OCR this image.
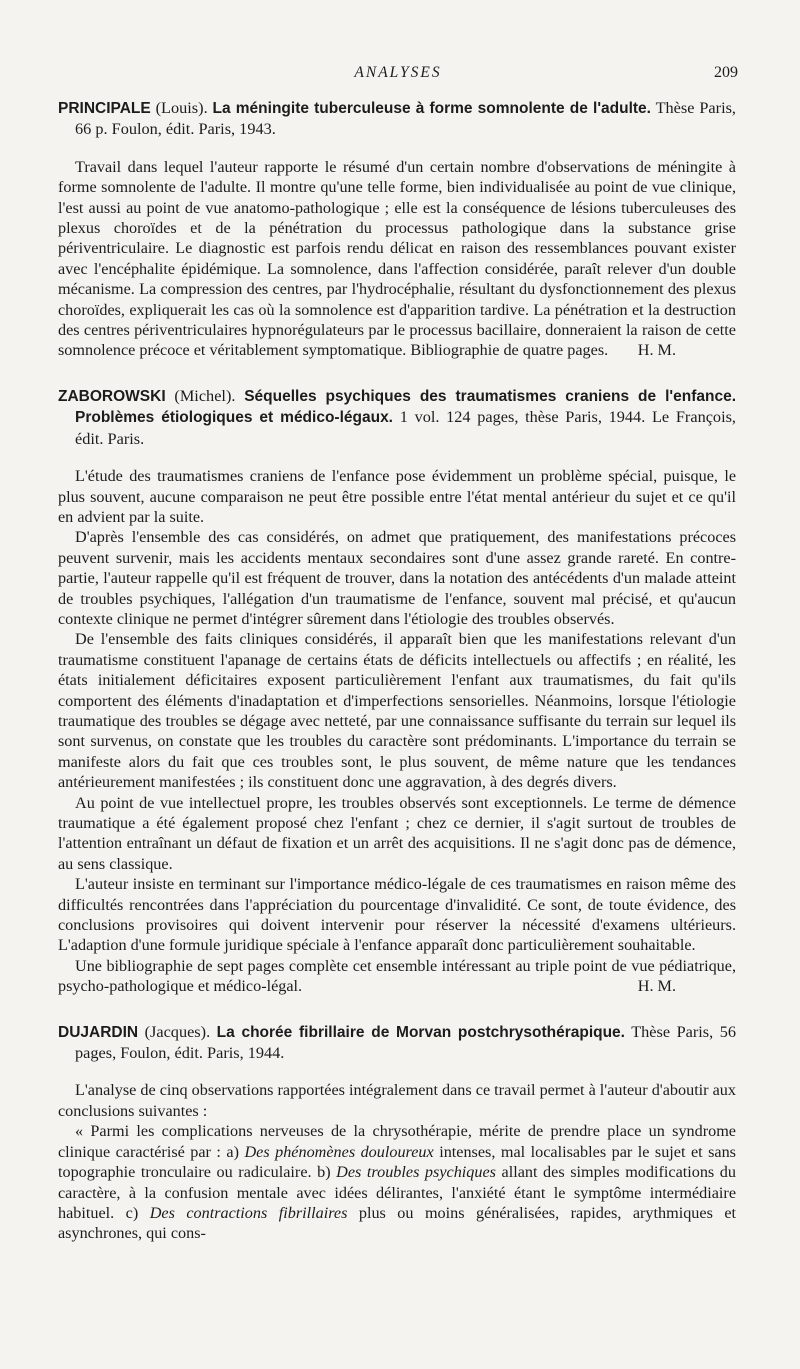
ANALYSES	209
PRINCIPALE (Louis). La méningite tuberculeuse à forme somnolente de l'adulte. Thèse Paris, 66 p. Foulon, édit. Paris, 1943.

Travail dans lequel l'auteur rapporte le résumé d'un certain nombre d'observations de méningite à forme somnolente de l'adulte. Il montre qu'une telle forme, bien individualisée au point de vue clinique, l'est aussi au point de vue anatomo-pathologique ; elle est la conséquence de lésions tuberculeuses des plexus choroïdes et de la pénétration du processus pathologique dans la substance grise périventriculaire. Le diagnostic est parfois rendu délicat en raison des ressemblances pouvant exister avec l'encéphalite épidémique. La somnolence, dans l'affection considérée, paraît relever d'un double mécanisme. La compression des centres, par l'hydrocéphalie, résultant du dysfonctionnement des plexus choroïdes, expliquerait les cas où la somnolence est d'apparition tardive. La pénétration et la destruction des centres périventriculaires hypnorégulateurs par le processus bacillaire, donneraient la raison de cette somnolence précoce et véritablement symptomatique. Bibliographie de quatre pages.	H. M.

ZABOROWSKI (Michel). Séquelles psychiques des traumatismes craniens de l'enfance. Problèmes étiologiques et médico-légaux. 1 vol. 124 pages, thèse Paris, 1944. Le François, édit. Paris.

L'étude des traumatismes craniens de l'enfance pose évidemment un problème spécial, puisque, le plus souvent, aucune comparaison ne peut être possible entre l'état mental antérieur du sujet et ce qu'il en advient par la suite.

D'après l'ensemble des cas considérés, on admet que pratiquement, des manifestations précoces peuvent survenir, mais les accidents mentaux secondaires sont d'une assez grande rareté. En contre-partie, l'auteur rappelle qu'il est fréquent de trouver, dans la notation des antécédents d'un malade atteint de troubles psychiques, l'allégation d'un traumatisme de l'enfance, souvent mal précisé, et qu'aucun contexte clinique ne permet d'intégrer sûrement dans l'étiologie des troubles observés.

De l'ensemble des faits cliniques considérés, il apparaît bien que les manifestations relevant d'un traumatisme constituent l'apanage de certains états de déficits intellectuels ou affectifs ; en réalité, les états initialement déficitaires exposent particulièrement l'enfant aux traumatismes, du fait qu'ils comportent des éléments d'inadaptation et d'imperfections sensorielles. Néanmoins, lorsque l'étiologie traumatique des troubles se dégage avec netteté, par une connaissance suffisante du terrain sur lequel ils sont survenus, on constate que les troubles du caractère sont prédominants. L'importance du terrain se manifeste alors du fait que ces troubles sont, le plus souvent, de même nature que les tendances antérieurement manifestées ; ils constituent donc une aggravation, à des degrés divers.

Au point de vue intellectuel propre, les troubles observés sont exceptionnels. Le terme de démence traumatique a été également proposé chez l'enfant ; chez ce dernier, il s'agit surtout de troubles de l'attention entraînant un défaut de fixation et un arrêt des acquisitions. Il ne s'agit donc pas de démence, au sens classique.

L'auteur insiste en terminant sur l'importance médico-légale de ces traumatismes en raison même des difficultés rencontrées dans l'appréciation du pourcentage d'invalidité. Ce sont, de toute évidence, des conclusions provisoires qui doivent intervenir pour réserver la nécessité d'examens ultérieurs. L'adaption d'une formule juridique spéciale à l'enfance apparaît donc particulièrement souhaitable.

Une bibliographie de sept pages complète cet ensemble intéressant au triple point de vue pédiatrique, psycho-pathologique et médico-légal.	H. M.

DUJARDIN (Jacques). La chorée fibrillaire de Morvan postchrysothérapique. Thèse Paris, 56 pages, Foulon, édit. Paris, 1944.

L'analyse de cinq observations rapportées intégralement dans ce travail permet à l'auteur d'aboutir aux conclusions suivantes :

« Parmi les complications nerveuses de la chrysothérapie, mérite de prendre place un syndrome clinique caractérisé par : a) Des phénomènes douloureux intenses, mal localisables par le sujet et sans topographie tronculaire ou radiculaire. b) Des troubles psychiques allant des simples modifications du caractère, à la confusion mentale avec idées délirantes, l'anxiété étant le symptôme intermédiaire habituel. c) Des contractions fibrillaires plus ou moins généralisées, rapides, arythmiques et asynchrones, qui cons-
